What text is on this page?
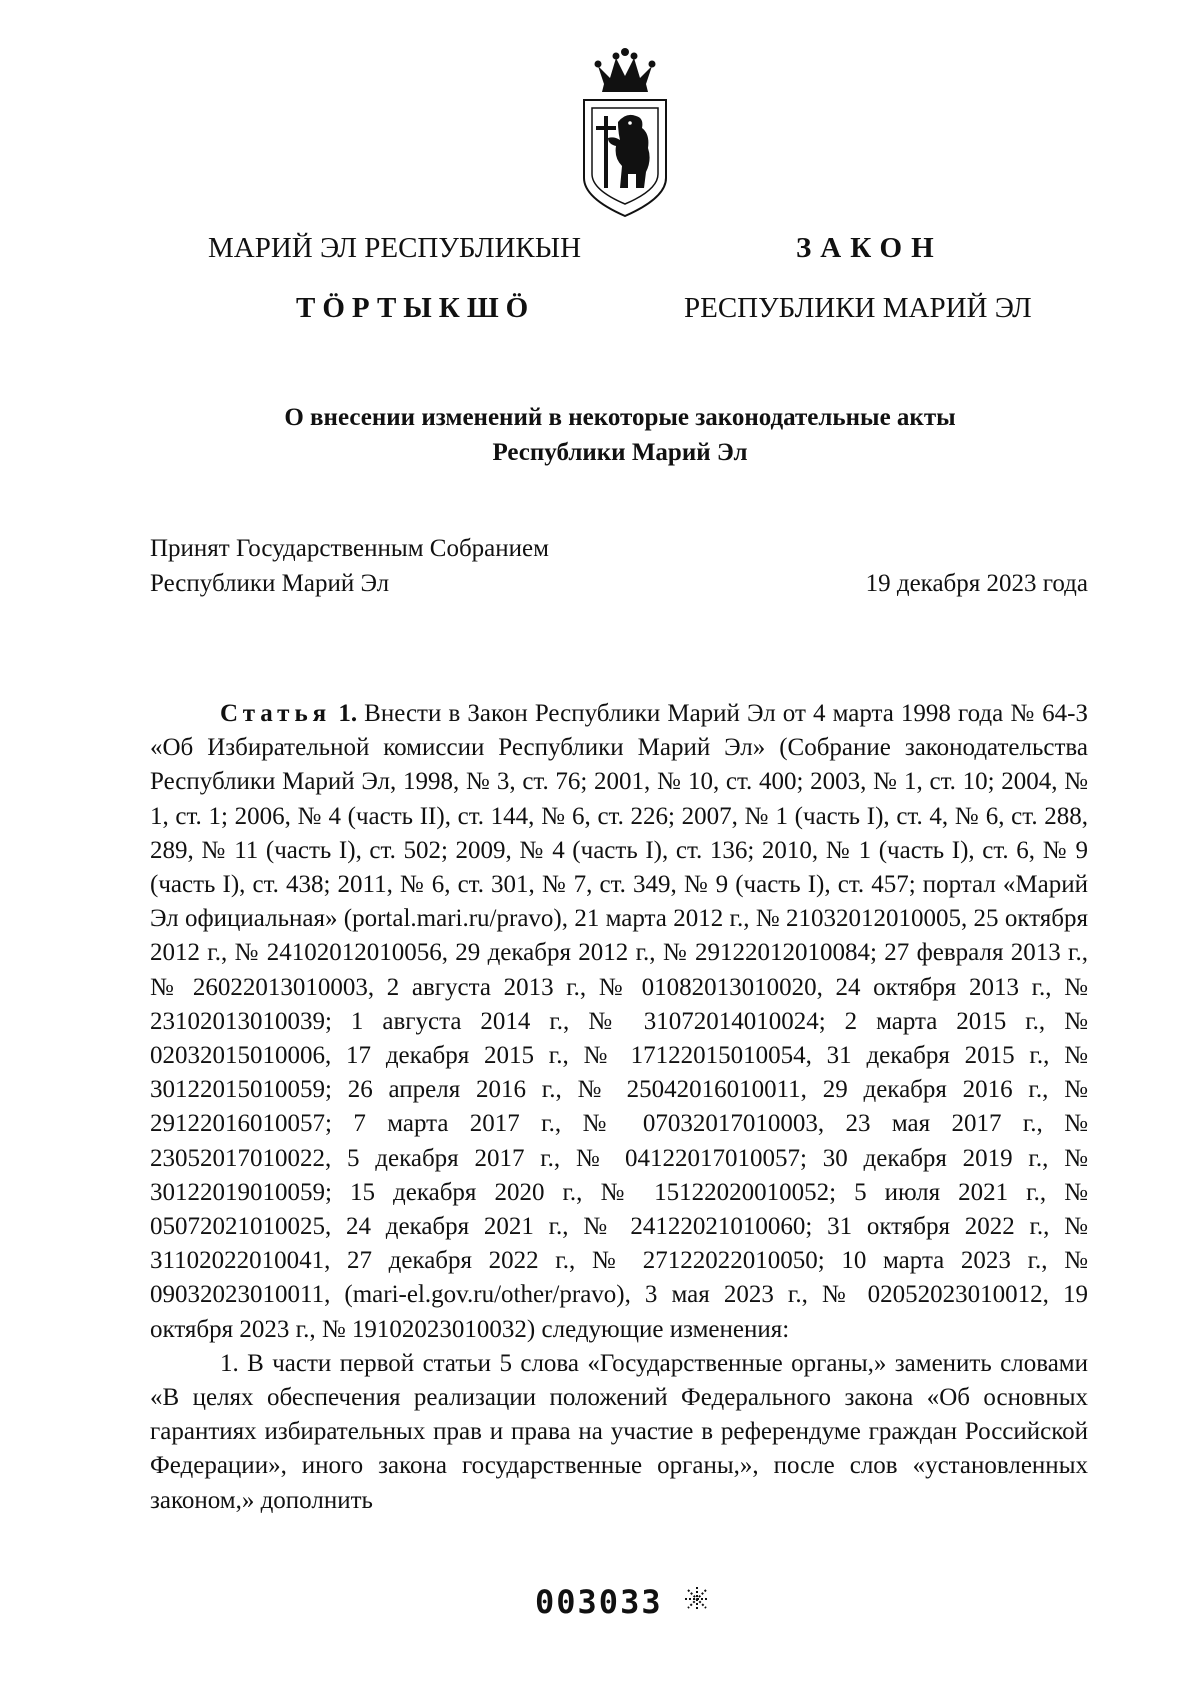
МАРИЙ ЭЛ РЕСПУБЛИКЫН
ТӦРТЫКШӦ
ЗАКОН
РЕСПУБЛИКИ МАРИЙ ЭЛ
О внесении изменений в некоторые законодательные акты
Республики Марий Эл
Принят Государственным Собранием
Республики Марий Эл	19 декабря 2023 года

Статья 1. Внести в Закон Республики Марий Эл от 4 марта 1998 года № 64-З «Об Избирательной комиссии Республики Марий Эл» (Собрание законодательства Республики Марий Эл, 1998, № 3, ст. 76; 2001, № 10, ст. 400; 2003, № 1, ст. 10; 2004, № 1, ст. 1; 2006, № 4 (часть II), ст. 144, № 6, ст. 226; 2007, № 1 (часть I), ст. 4, № 6, ст. 288, 289, № 11 (часть I), ст. 502; 2009, № 4 (часть I), ст. 136; 2010, № 1 (часть I), ст. 6, № 9 (часть I), ст. 438; 2011, № 6, ст. 301, № 7, ст. 349, № 9 (часть I), ст. 457; портал «Марий Эл официальная» (portal.mari.ru/pravo), 21 марта 2012 г., № 21032012010005, 25 октября 2012 г., № 24102012010056, 29 декабря 2012 г., № 29122012010084; 27 февраля 2013 г., № 26022013010003, 2 августа 2013 г., № 01082013010020, 24 октября 2013 г., № 23102013010039; 1 августа 2014 г., № 31072014010024; 2 марта 2015 г., № 02032015010006, 17 декабря 2015 г., № 17122015010054, 31 декабря 2015 г., № 30122015010059; 26 апреля 2016 г., № 25042016010011, 29 декабря 2016 г., № 29122016010057; 7 марта 2017 г., № 07032017010003, 23 мая 2017 г., № 23052017010022, 5 декабря 2017 г., № 04122017010057; 30 декабря 2019 г., № 30122019010059; 15 декабря 2020 г., № 15122020010052; 5 июля 2021 г., № 05072021010025, 24 декабря 2021 г., № 24122021010060; 31 октября 2022 г., № 31102022010041, 27 декабря 2022 г., № 27122022010050; 10 марта 2023 г., № 09032023010011, (mari-el.gov.ru/other/pravo), 3 мая 2023 г., № 02052023010012, 19 октября 2023 г., № 19102023010032) следующие изменения:

1. В части первой статьи 5 слова «Государственные органы,» заменить словами «В целях обеспечения реализации положений Федерального закона «Об основных гарантиях избирательных прав и права на участие в референдуме граждан Российской Федерации», иного закона государственные органы,», после слов «установленных законом,» дополнить

003033
